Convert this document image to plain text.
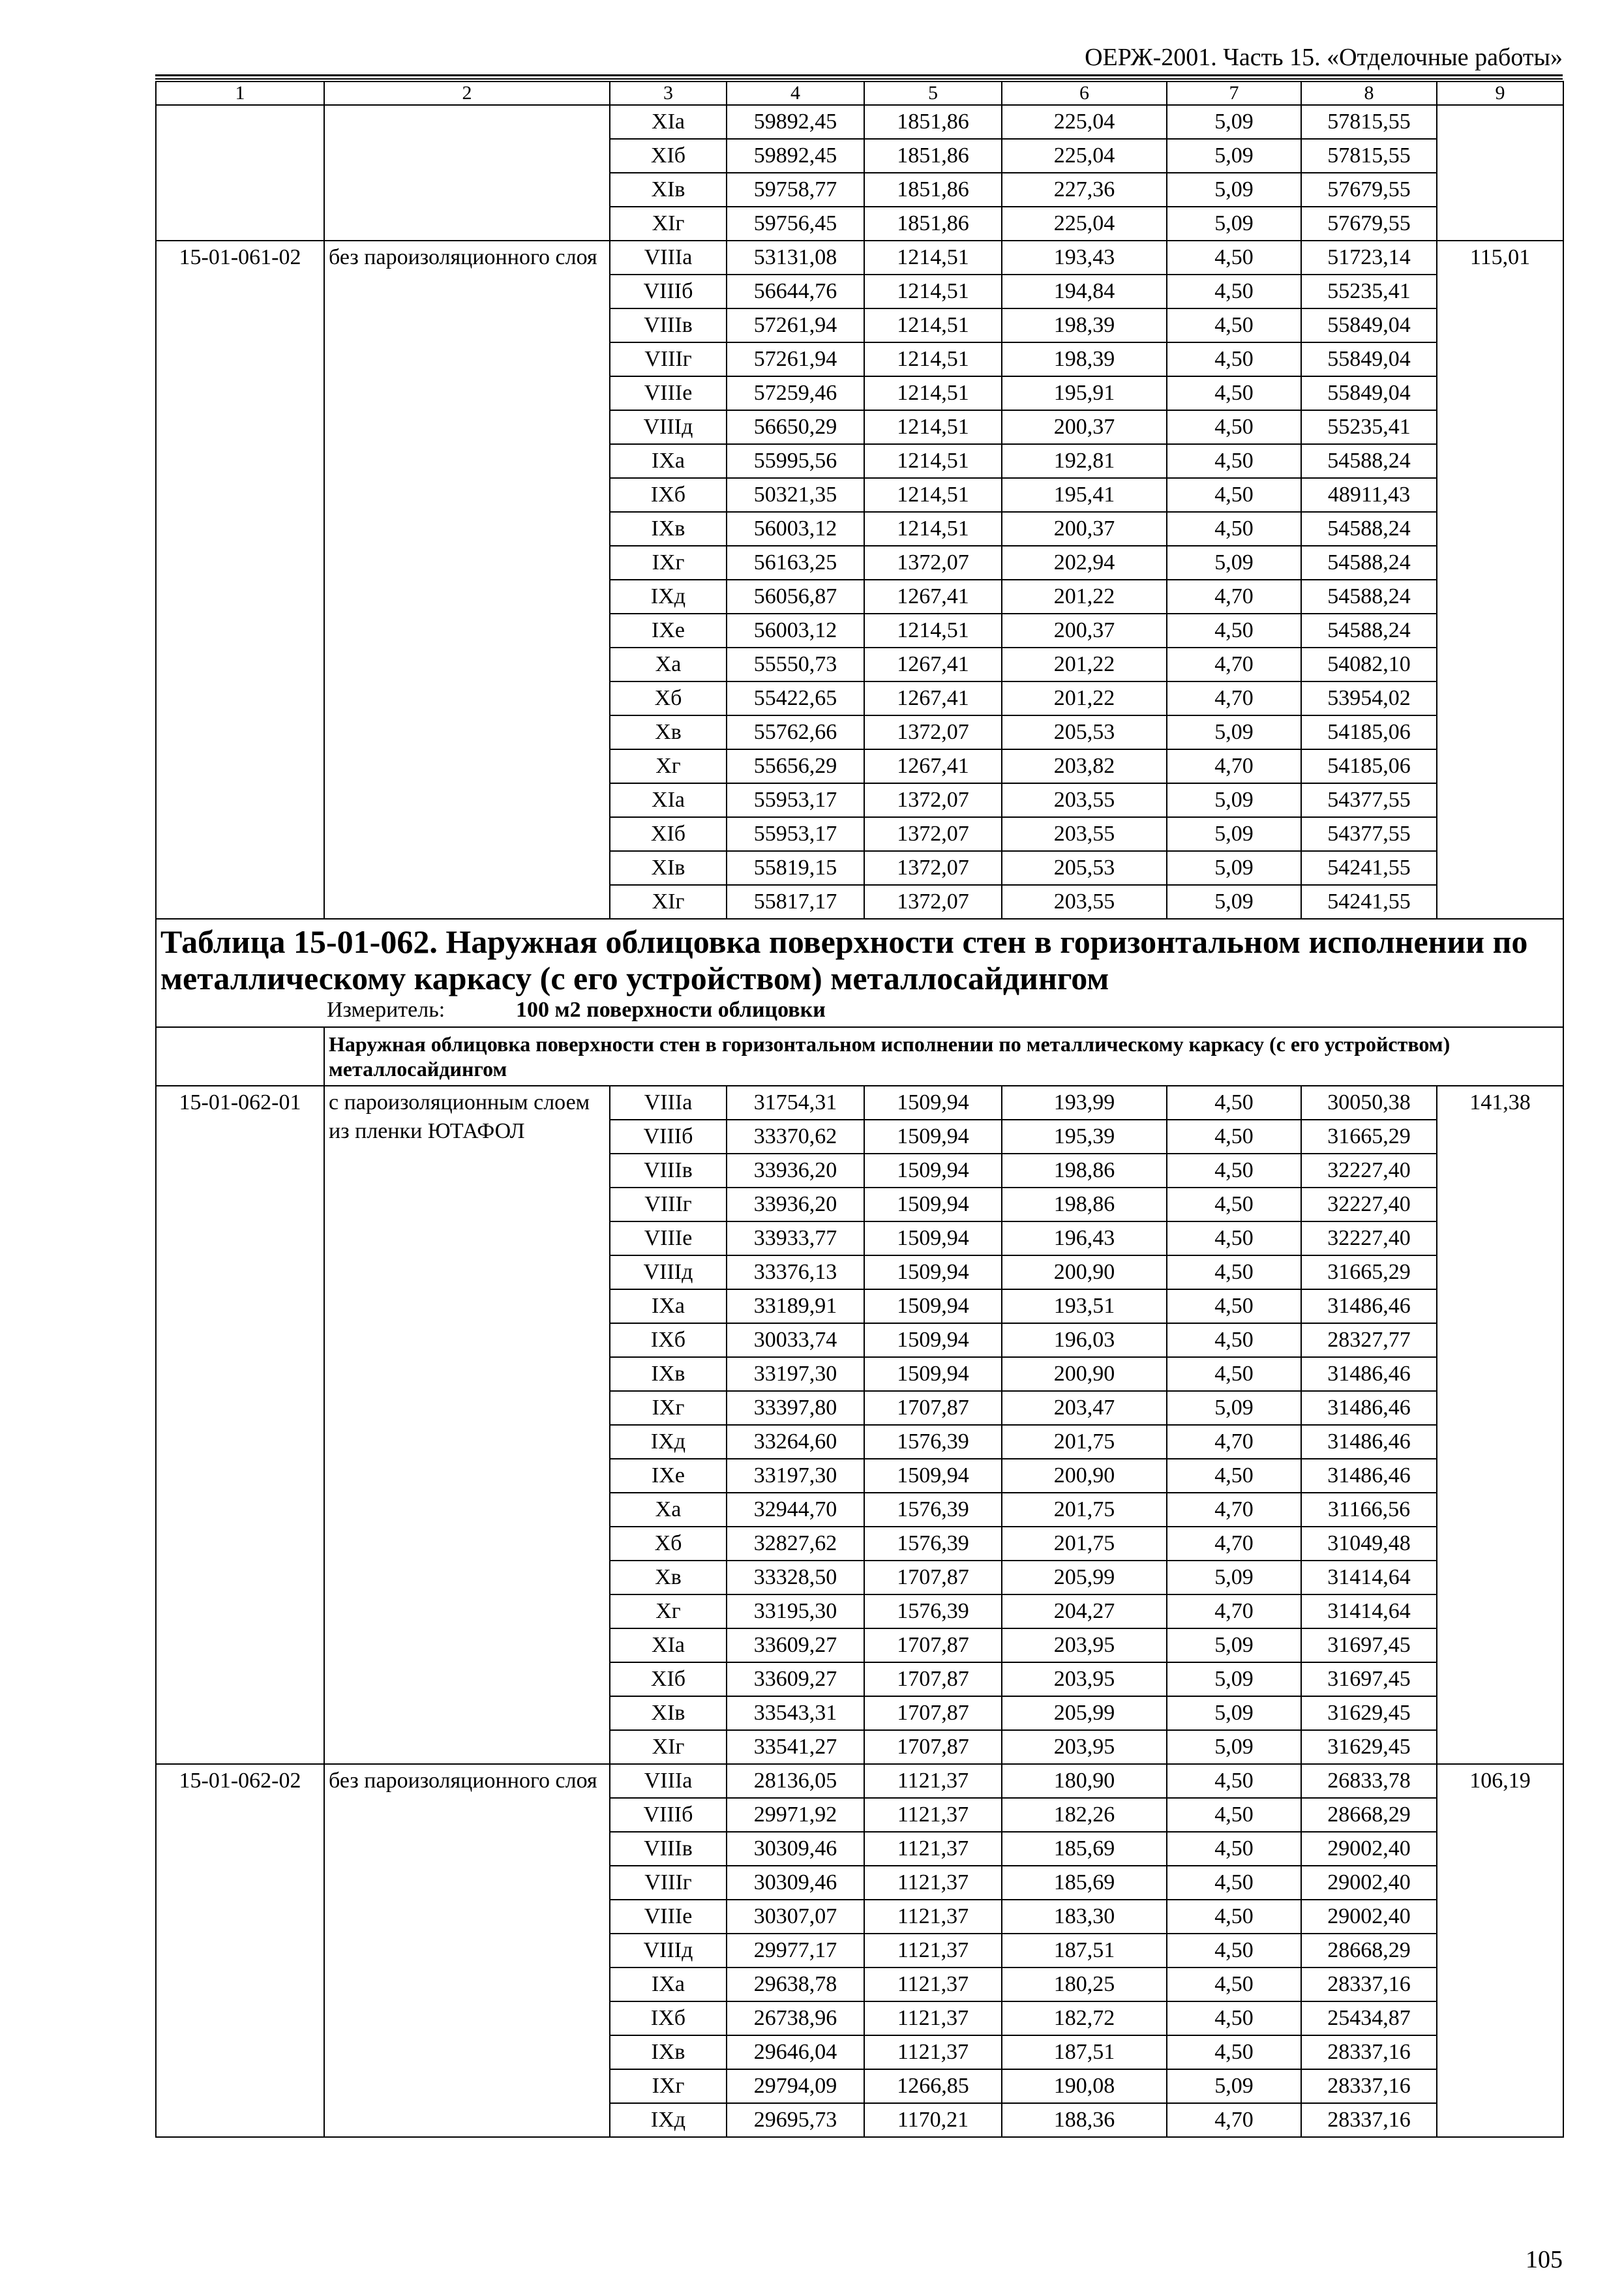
ОЕРЖ-2001. Часть 15. «Отделочные работы»
1	2	3	4	5	6	7	8	9
		XIа	59892,45	1851,86	225,04	5,09	57815,55	
		XIб	59892,45	1851,86	225,04	5,09	57815,55	
		XIв	59758,77	1851,86	227,36	5,09	57679,55	
		XIг	59756,45	1851,86	225,04	5,09	57679,55	
15-01-061-02	без пароизоляционного слоя	VIIIа	53131,08	1214,51	193,43	4,50	51723,14	115,01
		VIIIб	56644,76	1214,51	194,84	4,50	55235,41	
		VIIIв	57261,94	1214,51	198,39	4,50	55849,04	
		VIIIг	57261,94	1214,51	198,39	4,50	55849,04	
		VIIIе	57259,46	1214,51	195,91	4,50	55849,04	
		VIIIд	56650,29	1214,51	200,37	4,50	55235,41	
		IXа	55995,56	1214,51	192,81	4,50	54588,24	
		IXб	50321,35	1214,51	195,41	4,50	48911,43	
		IXв	56003,12	1214,51	200,37	4,50	54588,24	
		IXг	56163,25	1372,07	202,94	5,09	54588,24	
		IXд	56056,87	1267,41	201,22	4,70	54588,24	
		IXе	56003,12	1214,51	200,37	4,50	54588,24	
		Xа	55550,73	1267,41	201,22	4,70	54082,10	
		Xб	55422,65	1267,41	201,22	4,70	53954,02	
		Xв	55762,66	1372,07	205,53	5,09	54185,06	
		Xг	55656,29	1267,41	203,82	4,70	54185,06	
		XIа	55953,17	1372,07	203,55	5,09	54377,55	
		XIб	55953,17	1372,07	203,55	5,09	54377,55	
		XIв	55819,15	1372,07	205,53	5,09	54241,55	
		XIг	55817,17	1372,07	203,55	5,09	54241,55	

Таблица 15-01-062. Наружная облицовка поверхности стен в горизонтальном исполнении по металлическому каркасу (с его устройством) металлосайдингом
Измеритель: 100 м2 поверхности облицовки								

	Наружная облицовка поверхности стен в горизонтальном исполнении по металлическому каркасу (с его устройством) металлосайдингом							
15-01-062-01	с пароизоляционным слоем из пленки ЮТАФОЛ	VIIIа	31754,31	1509,94	193,99	4,50	30050,38	141,38
		VIIIб	33370,62	1509,94	195,39	4,50	31665,29	
		VIIIв	33936,20	1509,94	198,86	4,50	32227,40	
		VIIIг	33936,20	1509,94	198,86	4,50	32227,40	
		VIIIе	33933,77	1509,94	196,43	4,50	32227,40	
		VIIIд	33376,13	1509,94	200,90	4,50	31665,29	
		IXа	33189,91	1509,94	193,51	4,50	31486,46	
		IXб	30033,74	1509,94	196,03	4,50	28327,77	
		IXв	33197,30	1509,94	200,90	4,50	31486,46	
		IXг	33397,80	1707,87	203,47	5,09	31486,46	
		IXд	33264,60	1576,39	201,75	4,70	31486,46	
		IXе	33197,30	1509,94	200,90	4,50	31486,46	
		Xа	32944,70	1576,39	201,75	4,70	31166,56	
		Xб	32827,62	1576,39	201,75	4,70	31049,48	
		Xв	33328,50	1707,87	205,99	5,09	31414,64	
		Xг	33195,30	1576,39	204,27	4,70	31414,64	
		XIа	33609,27	1707,87	203,95	5,09	31697,45	
		XIб	33609,27	1707,87	203,95	5,09	31697,45	
		XIв	33543,31	1707,87	205,99	5,09	31629,45	
		XIг	33541,27	1707,87	203,95	5,09	31629,45	
15-01-062-02	без пароизоляционного слоя	VIIIа	28136,05	1121,37	180,90	4,50	26833,78	106,19
		VIIIб	29971,92	1121,37	182,26	4,50	28668,29	
		VIIIв	30309,46	1121,37	185,69	4,50	29002,40	
		VIIIг	30309,46	1121,37	185,69	4,50	29002,40	
		VIIIе	30307,07	1121,37	183,30	4,50	29002,40	
		VIIIд	29977,17	1121,37	187,51	4,50	28668,29	
		IXа	29638,78	1121,37	180,25	4,50	28337,16	
		IXб	26738,96	1121,37	182,72	4,50	25434,87	
		IXв	29646,04	1121,37	187,51	4,50	28337,16	
		IXг	29794,09	1266,85	190,08	5,09	28337,16	
		IXд	29695,73	1170,21	188,36	4,70	28337,16	
105
